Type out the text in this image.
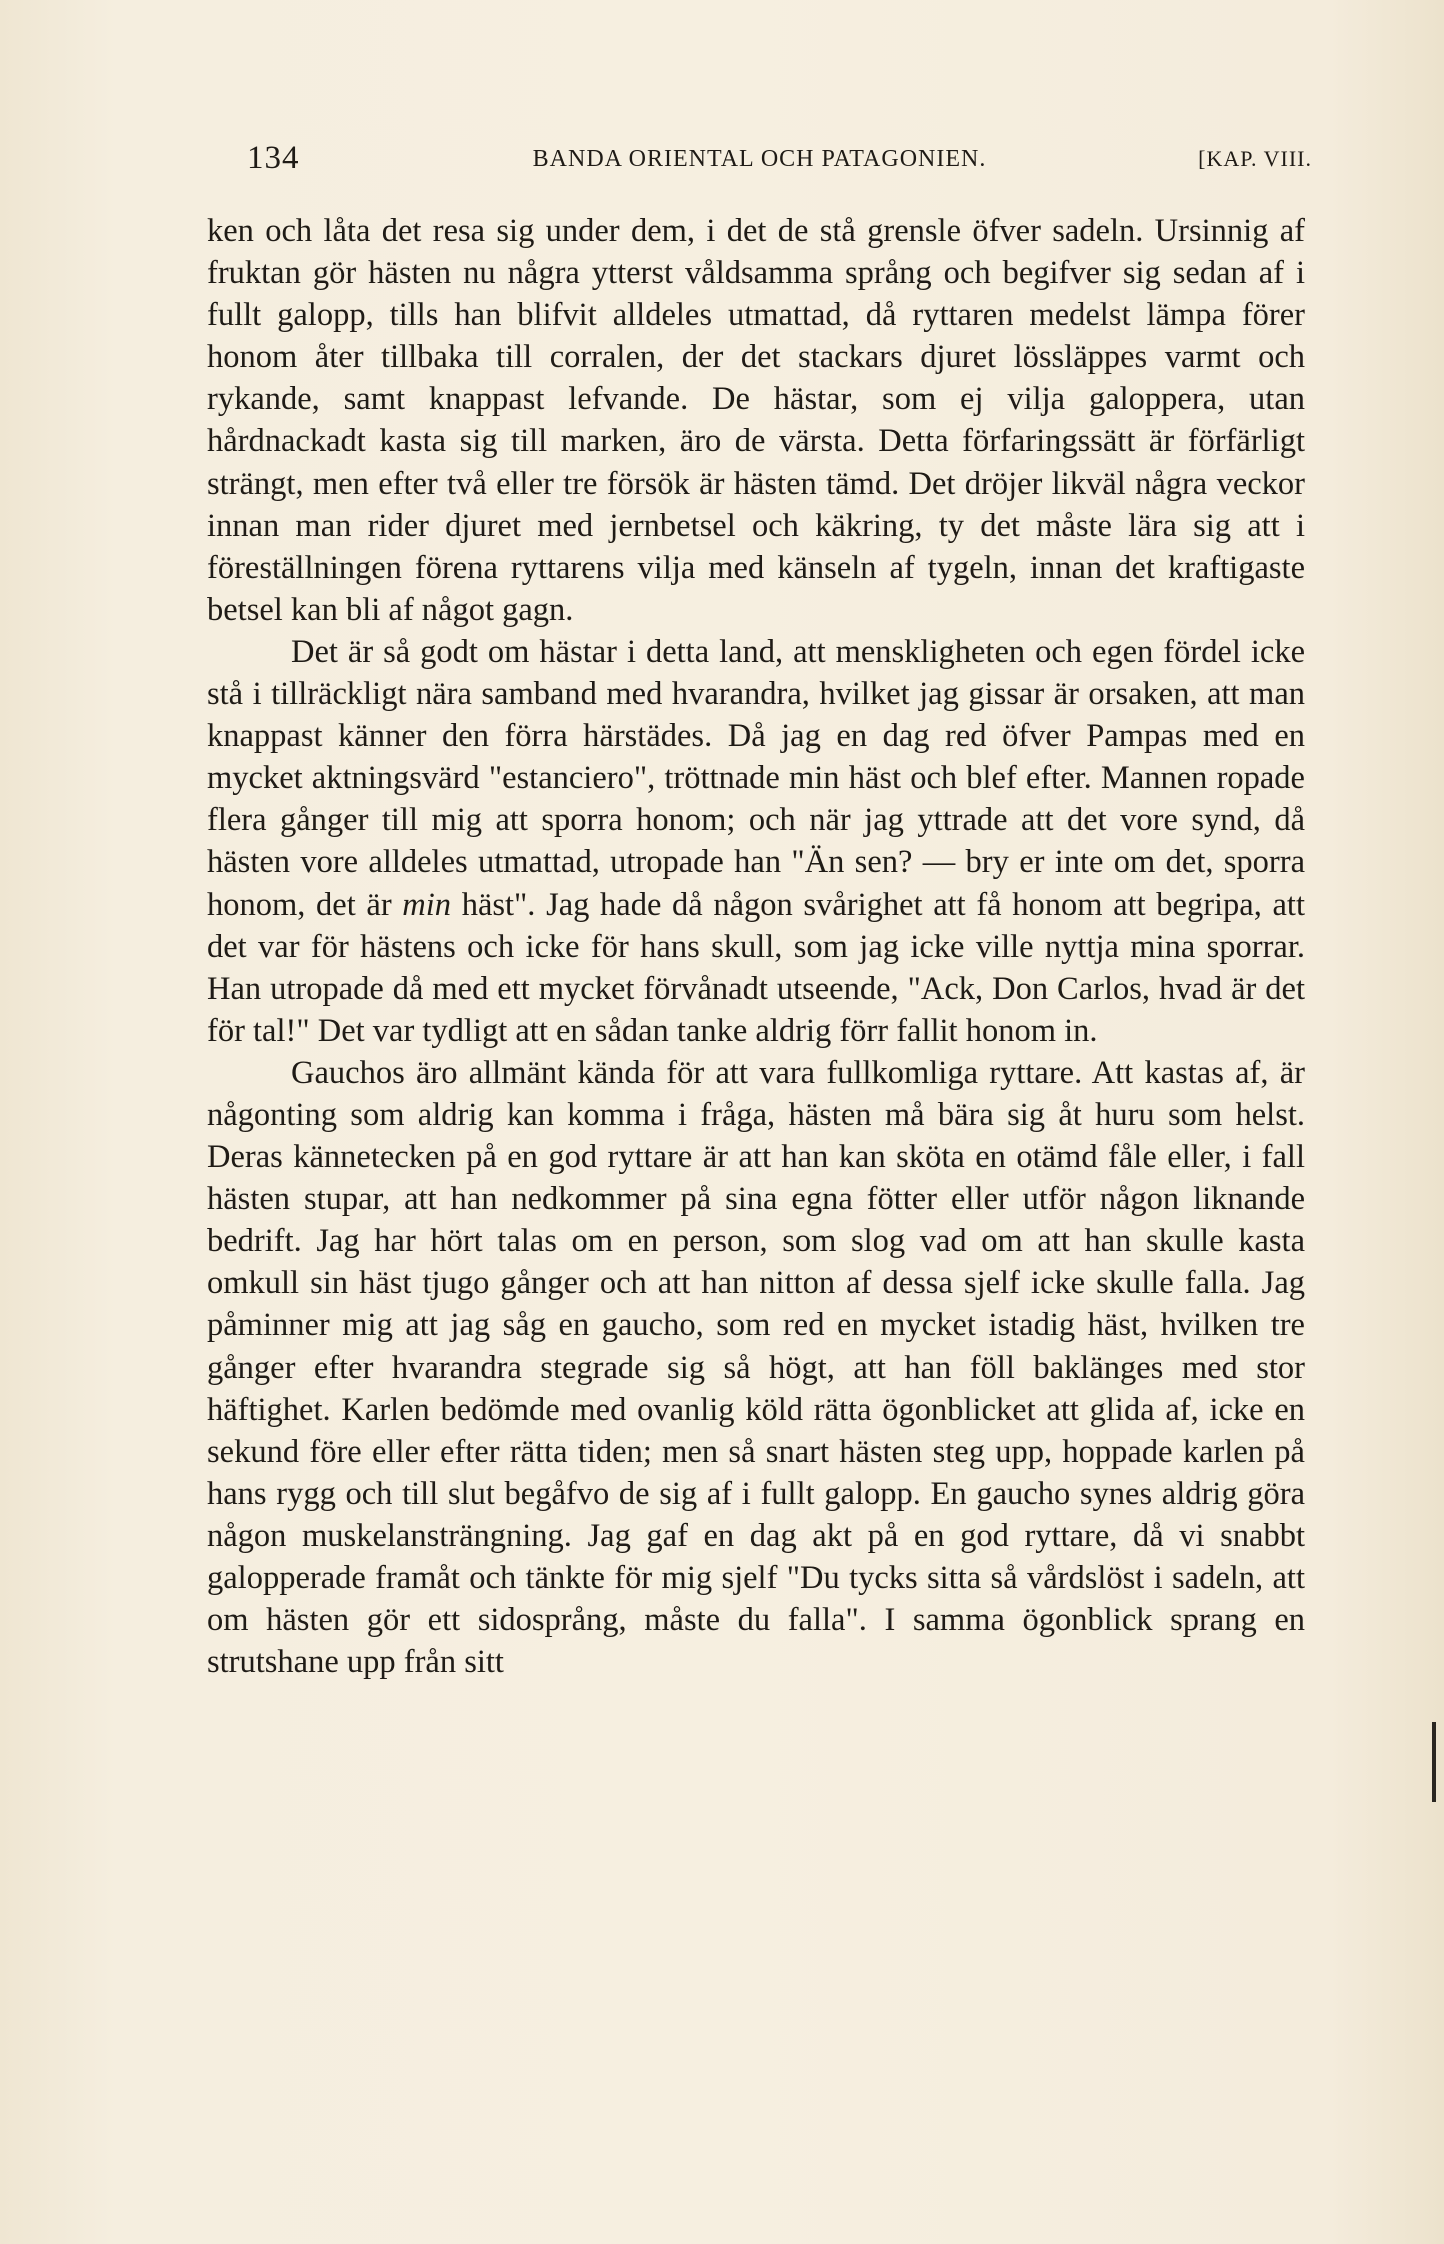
134	BANDA ORIENTAL OCH PATAGONIEN.	[KAP. VIII.

ken och låta det resa sig under dem, i det de stå grensle öfver sadeln. Ursinnig af fruktan gör hästen nu några ytterst våldsamma språng och begifver sig sedan af i fullt galopp, tills han blifvit alldeles utmattad, då ryttaren medelst lämpa förer honom åter tillbaka till corralen, der det stackars djuret lössläppes varmt och rykande, samt knappast lefvande. De hästar, som ej vilja galoppera, utan hårdnackadt kasta sig till marken, äro de värsta. Detta förfaringssätt är förfärligt strängt, men efter två eller tre försök är hästen tämd. Det dröjer likväl några veckor innan man rider djuret med jernbetsel och käkring, ty det måste lära sig att i föreställningen förena ryttarens vilja med känseln af tygeln, innan det kraftigaste betsel kan bli af något gagn.

Det är så godt om hästar i detta land, att menskligheten och egen fördel icke stå i tillräckligt nära samband med hvarandra, hvilket jag gissar är orsaken, att man knappast känner den förra härstädes. Då jag en dag red öfver Pampas med en mycket aktningsvärd "estanciero", tröttnade min häst och blef efter. Mannen ropade flera gånger till mig att sporra honom; och när jag yttrade att det vore synd, då hästen vore alldeles utmattad, utropade han "Än sen? — bry er inte om det, sporra honom, det är min häst". Jag hade då någon svårighet att få honom att begripa, att det var för hästens och icke för hans skull, som jag icke ville nyttja mina sporrar. Han utropade då med ett mycket förvånadt utseende, "Ack, Don Carlos, hvad är det för tal!" Det var tydligt att en sådan tanke aldrig förr fallit honom in.

Gauchos äro allmänt kända för att vara fullkomliga ryttare. Att kastas af, är någonting som aldrig kan komma i fråga, hästen må bära sig åt huru som helst. Deras kännetecken på en god ryttare är att han kan sköta en otämd fåle eller, i fall hästen stupar, att han nedkommer på sina egna fötter eller utför någon liknande bedrift. Jag har hört talas om en person, som slog vad om att han skulle kasta omkull sin häst tjugo gånger och att han nitton af dessa sjelf icke skulle falla. Jag påminner mig att jag såg en gaucho, som red en mycket istadig häst, hvilken tre gånger efter hvarandra stegrade sig så högt, att han föll baklänges med stor häftighet. Karlen bedömde med ovanlig köld rätta ögonblicket att glida af, icke en sekund före eller efter rätta tiden; men så snart hästen steg upp, hoppade karlen på hans rygg och till slut begåfvo de sig af i fullt galopp. En gaucho synes aldrig göra någon muskelansträngning. Jag gaf en dag akt på en god ryttare, då vi snabbt galopperade framåt och tänkte för mig sjelf "Du tycks sitta så vårdslöst i sadeln, att om hästen gör ett sidosprång, måste du falla". I samma ögonblick sprang en strutshane upp från sitt
